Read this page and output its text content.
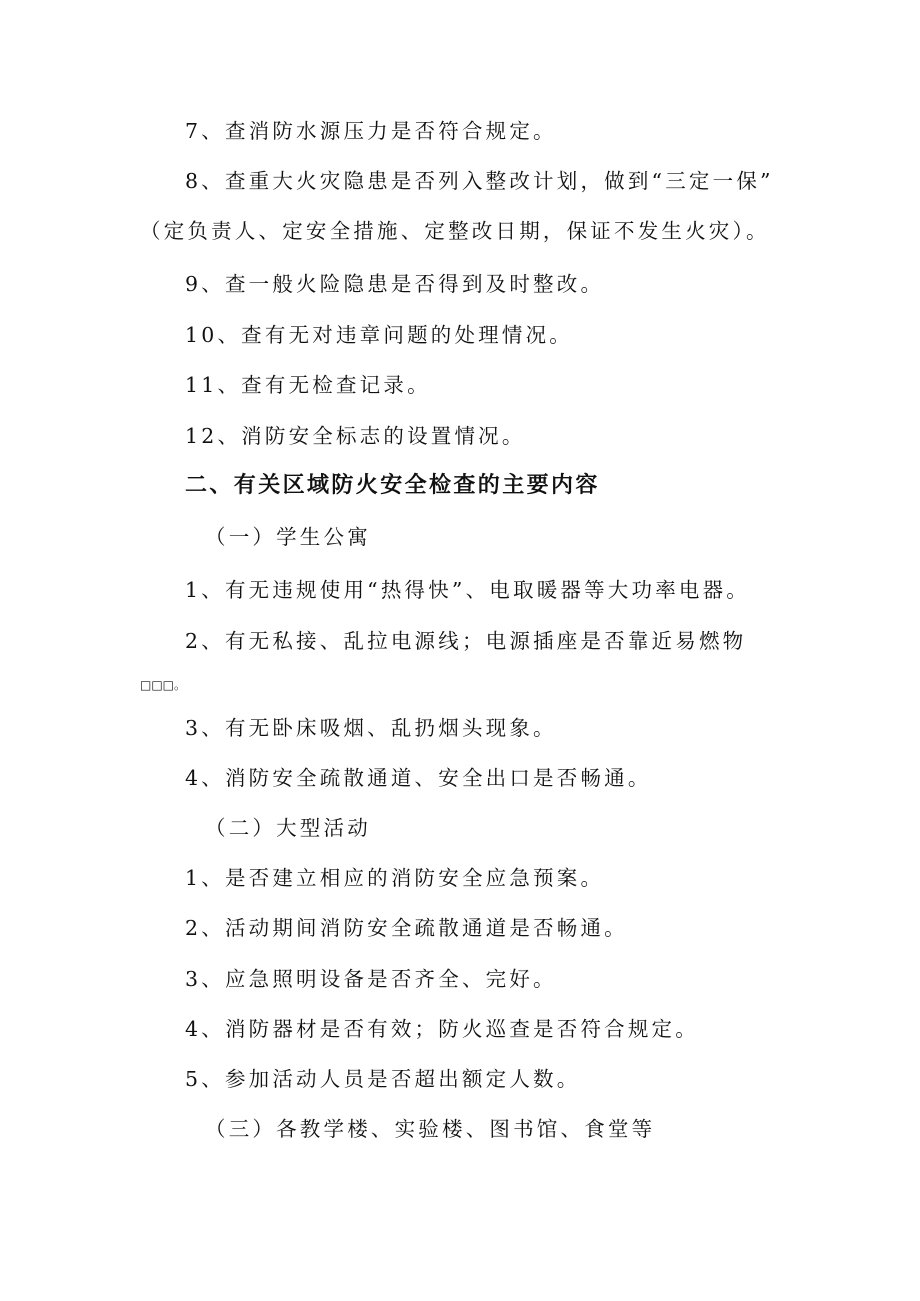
7、查消防水源压力是否符合规定。
8、查重大火灾隐患是否列入整改计划，做到“三定一保”
（定负责人、定安全措施、定整改日期，保证不发生火灾）。
9、查一般火险隐患是否得到及时整改。
10、查有无对违章问题的处理情况。
11、查有无检查记录。
12、消防安全标志的设置情况。
二、有关区域防火安全检查的主要内容
（一）学生公寓
1、有无违规使用“热得快”、电取暖器等大功率电器。
2、有无私接、乱拉电源线；电源插座是否靠近易燃物
□□□。
3、有无卧床吸烟、乱扔烟头现象。
4、消防安全疏散通道、安全出口是否畅通。
（二）大型活动
1、是否建立相应的消防安全应急预案。
2、活动期间消防安全疏散通道是否畅通。
3、应急照明设备是否齐全、完好。
4、消防器材是否有效；防火巡查是否符合规定。
5、参加活动人员是否超出额定人数。
（三）各教学楼、实验楼、图书馆、食堂等
